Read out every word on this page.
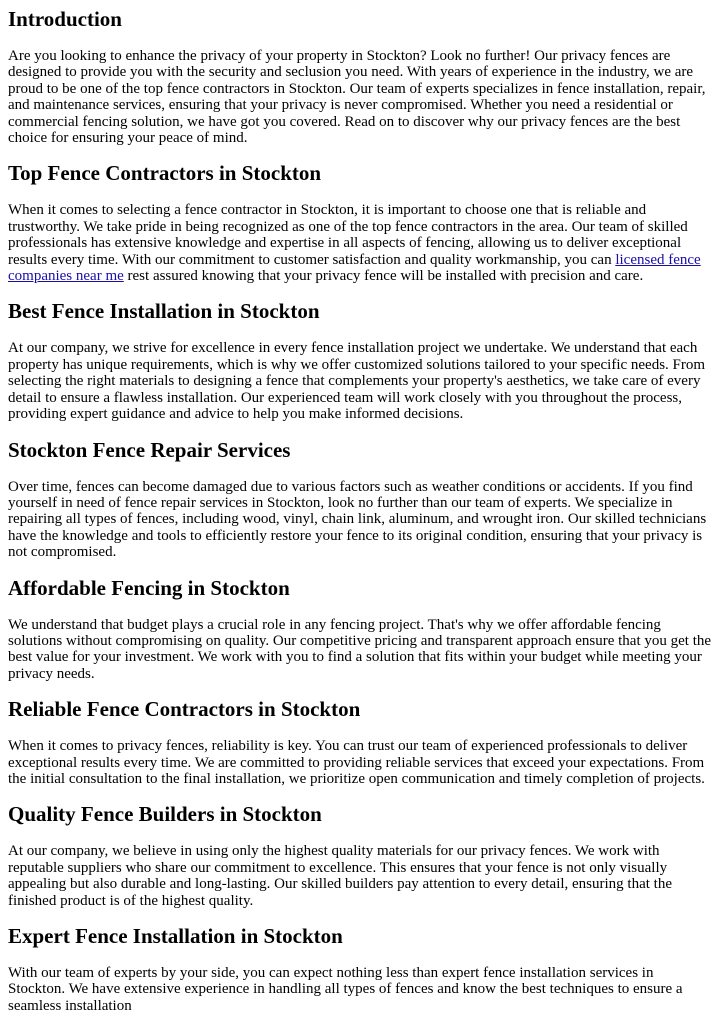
Introduction

Are you looking to enhance the privacy of your property in Stockton? Look no further! Our privacy fences are designed to provide you with the security and seclusion you need. With years of experience in the industry, we are proud to be one of the top fence contractors in Stockton. Our team of experts specializes in fence installation, repair, and maintenance services, ensuring that your privacy is never compromised. Whether you need a residential or commercial fencing solution, we have got you covered. Read on to discover why our privacy fences are the best choice for ensuring your peace of mind.

Top Fence Contractors in Stockton

When it comes to selecting a fence contractor in Stockton, it is important to choose one that is reliable and trustworthy. We take pride in being recognized as one of the top fence contractors in the area. Our team of skilled professionals has extensive knowledge and expertise in all aspects of fencing, allowing us to deliver exceptional results every time. With our commitment to customer satisfaction and quality workmanship, you can licensed fence companies near me rest assured knowing that your privacy fence will be installed with precision and care.

Best Fence Installation in Stockton

At our company, we strive for excellence in every fence installation project we undertake. We understand that each property has unique requirements, which is why we offer customized solutions tailored to your specific needs. From selecting the right materials to designing a fence that complements your property's aesthetics, we take care of every detail to ensure a flawless installation. Our experienced team will work closely with you throughout the process, providing expert guidance and advice to help you make informed decisions.

Stockton Fence Repair Services

Over time, fences can become damaged due to various factors such as weather conditions or accidents. If you find yourself in need of fence repair services in Stockton, look no further than our team of experts. We specialize in repairing all types of fences, including wood, vinyl, chain link, aluminum, and wrought iron. Our skilled technicians have the knowledge and tools to efficiently restore your fence to its original condition, ensuring that your privacy is not compromised.

Affordable Fencing in Stockton

We understand that budget plays a crucial role in any fencing project. That's why we offer affordable fencing solutions without compromising on quality. Our competitive pricing and transparent approach ensure that you get the best value for your investment. We work with you to find a solution that fits within your budget while meeting your privacy needs.

Reliable Fence Contractors in Stockton

When it comes to privacy fences, reliability is key. You can trust our team of experienced professionals to deliver exceptional results every time. We are committed to providing reliable services that exceed your expectations. From the initial consultation to the final installation, we prioritize open communication and timely completion of projects.

Quality Fence Builders in Stockton

At our company, we believe in using only the highest quality materials for our privacy fences. We work with reputable suppliers who share our commitment to excellence. This ensures that your fence is not only visually appealing but also durable and long-lasting. Our skilled builders pay attention to every detail, ensuring that the finished product is of the highest quality.

Expert Fence Installation in Stockton

With our team of experts by your side, you can expect nothing less than expert fence installation services in Stockton. We have extensive experience in handling all types of fences and know the best techniques to ensure a seamless installation
